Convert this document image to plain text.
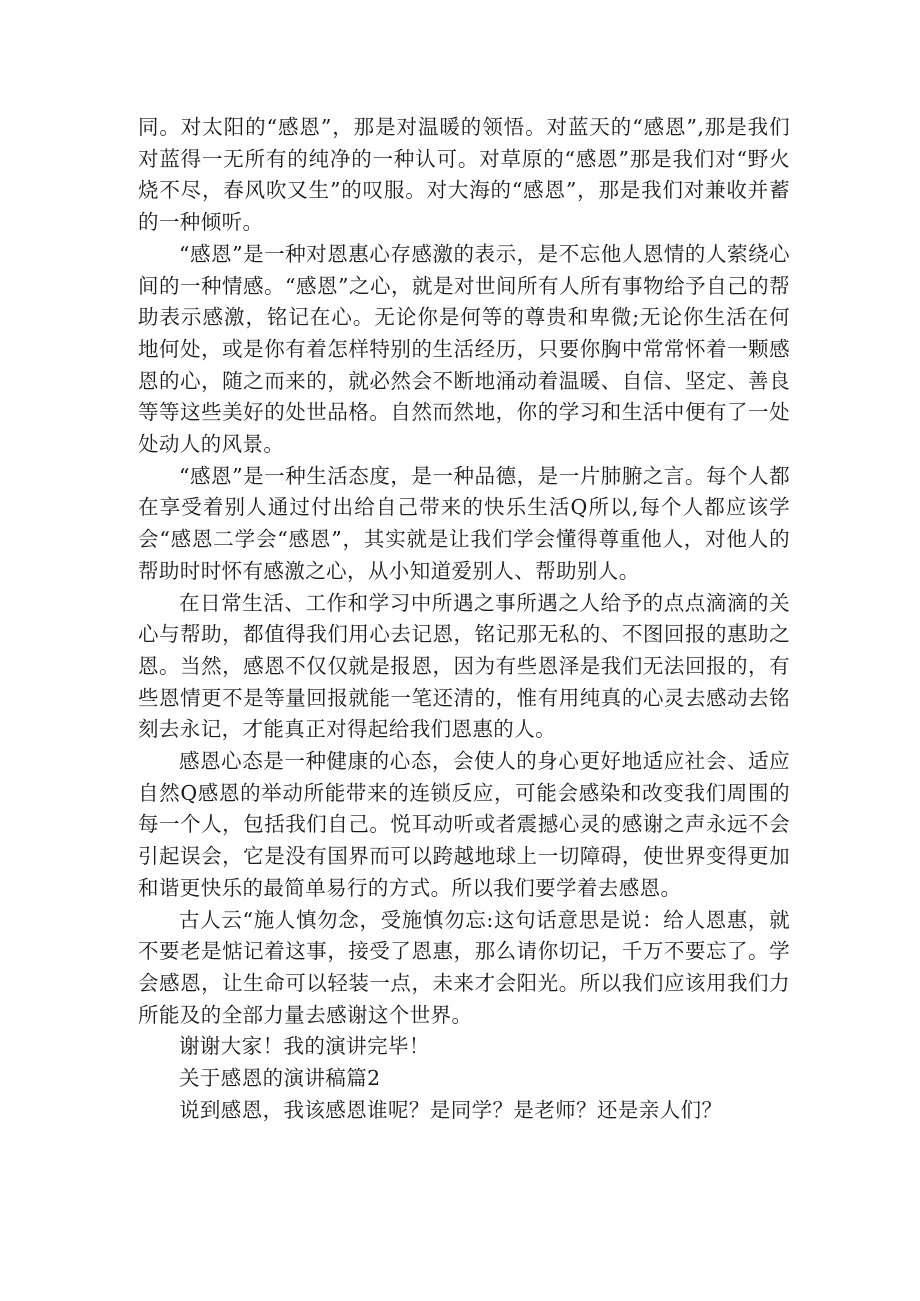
同。对太阳的“感恩”，那是对温暖的领悟。对蓝天的“感恩”,那是我们对蓝得一无所有的纯净的一种认可。对草原的“感恩”那是我们对“野火烧不尽，春风吹又生”的叹服。对大海的“感恩”，那是我们对兼收并蓄的一种倾听。

“感恩”是一种对恩惠心存感激的表示，是不忘他人恩情的人萦绕心间的一种情感。“感恩”之心，就是对世间所有人所有事物给予自己的帮助表示感激，铭记在心。无论你是何等的尊贵和卑微;无论你生活在何地何处，或是你有着怎样特别的生活经历，只要你胸中常常怀着一颗感恩的心，随之而来的，就必然会不断地涌动着温暖、自信、坚定、善良等等这些美好的处世品格。自然而然地，你的学习和生活中便有了一处处动人的风景。

“感恩”是一种生活态度，是一种品德，是一片肺腑之言。每个人都在享受着别人通过付出给自己带来的快乐生活Q所以,每个人都应该学会“感恩二学会“感恩”，其实就是让我们学会懂得尊重他人，对他人的帮助时时怀有感激之心，从小知道爱别人、帮助别人。

在日常生活、工作和学习中所遇之事所遇之人给予的点点滴滴的关心与帮助，都值得我们用心去记恩，铭记那无私的、不图回报的惠助之恩。当然，感恩不仅仅就是报恩，因为有些恩泽是我们无法回报的，有些恩情更不是等量回报就能一笔还清的，惟有用纯真的心灵去感动去铭刻去永记，才能真正对得起给我们恩惠的人。

感恩心态是一种健康的心态，会使人的身心更好地适应社会、适应自然Q感恩的举动所能带来的连锁反应，可能会感染和改变我们周围的每一个人，包括我们自己。悦耳动听或者震撼心灵的感谢之声永远不会引起误会，它是没有国界而可以跨越地球上一切障碍，使世界变得更加和谐更快乐的最简单易行的方式。所以我们要学着去感恩。

古人云“施人慎勿念，受施慎勿忘:这句话意思是说：给人恩惠，就不要老是惦记着这事，接受了恩惠，那么请你切记，千万不要忘了。学会感恩，让生命可以轻装一点，未来才会阳光。所以我们应该用我们力所能及的全部力量去感谢这个世界。

谢谢大家！我的演讲完毕！

关于感恩的演讲稿篇2

说到感恩，我该感恩谁呢？是同学？是老师？还是亲人们？
